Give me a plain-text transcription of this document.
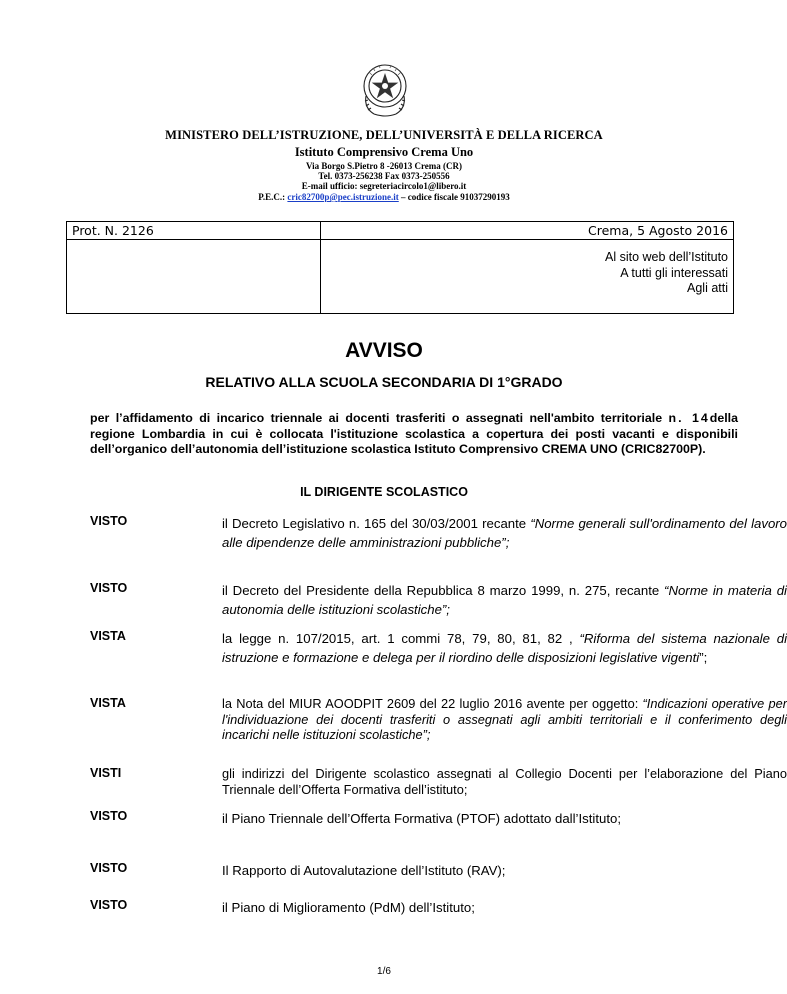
MINISTERO DELL’ISTRUZIONE, DELL’UNIVERSITÀ E DELLA RICERCA
Istituto Comprensivo Crema Uno
Via Borgo S.Pietro 8 -26013 Crema (CR)
Tel. 0373-256238 Fax 0373-250556
E-mail ufficio: segreteriacircolo1@libero.it
P.E.C.: cric82700p@pec.istruzione.it – codice fiscale 91037290193
Prot. N. 2126	Crema, 5 Agosto 2016

	Al sito web dell’Istituto
A tutti gli interessati
Agli atti
AVVISO
RELATIVO ALLA SCUOLA SECONDARIA DI 1°GRADO
per l’affidamento di incarico triennale ai docenti trasferiti o assegnati nell'ambito territoriale n. 14della regione Lombardia in cui è collocata l'istituzione scolastica a copertura dei posti vacanti e disponibili dell’organico dell’autonomia dell’istituzione scolastica Istituto Comprensivo CREMA UNO (CRIC82700P).
IL DIRIGENTE SCOLASTICO
VISTO	il Decreto Legislativo n. 165 del 30/03/2001 recante “Norme generali sull'ordinamento del lavoro alle dipendenze delle amministrazioni pubbliche”;
VISTO	il Decreto del Presidente della Repubblica 8 marzo 1999, n. 275, recante “Norme in materia di autonomia delle istituzioni scolastiche”;
VISTA	la legge n. 107/2015, art. 1 commi 78, 79, 80, 81, 82 , “Riforma del sistema nazionale di istruzione e formazione e delega per il riordino delle disposizioni legislative vigenti”;
VISTA	la Nota del MIUR AOODPIT 2609 del 22 luglio 2016 avente per oggetto: “Indicazioni operative per l'individuazione dei docenti trasferiti o assegnati agli ambiti territoriali e il conferimento degli incarichi nelle istituzioni scolastiche”;
VISTI	gli indirizzi del Dirigente scolastico assegnati al Collegio Docenti per l’elaborazione del Piano Triennale dell’Offerta Formativa dell’istituto;
VISTO	il Piano Triennale dell’Offerta Formativa (PTOF) adottato dall’Istituto;
VISTO	Il Rapporto di Autovalutazione dell’Istituto (RAV);
VISTO	il Piano di Miglioramento (PdM) dell’Istituto;
1/6
